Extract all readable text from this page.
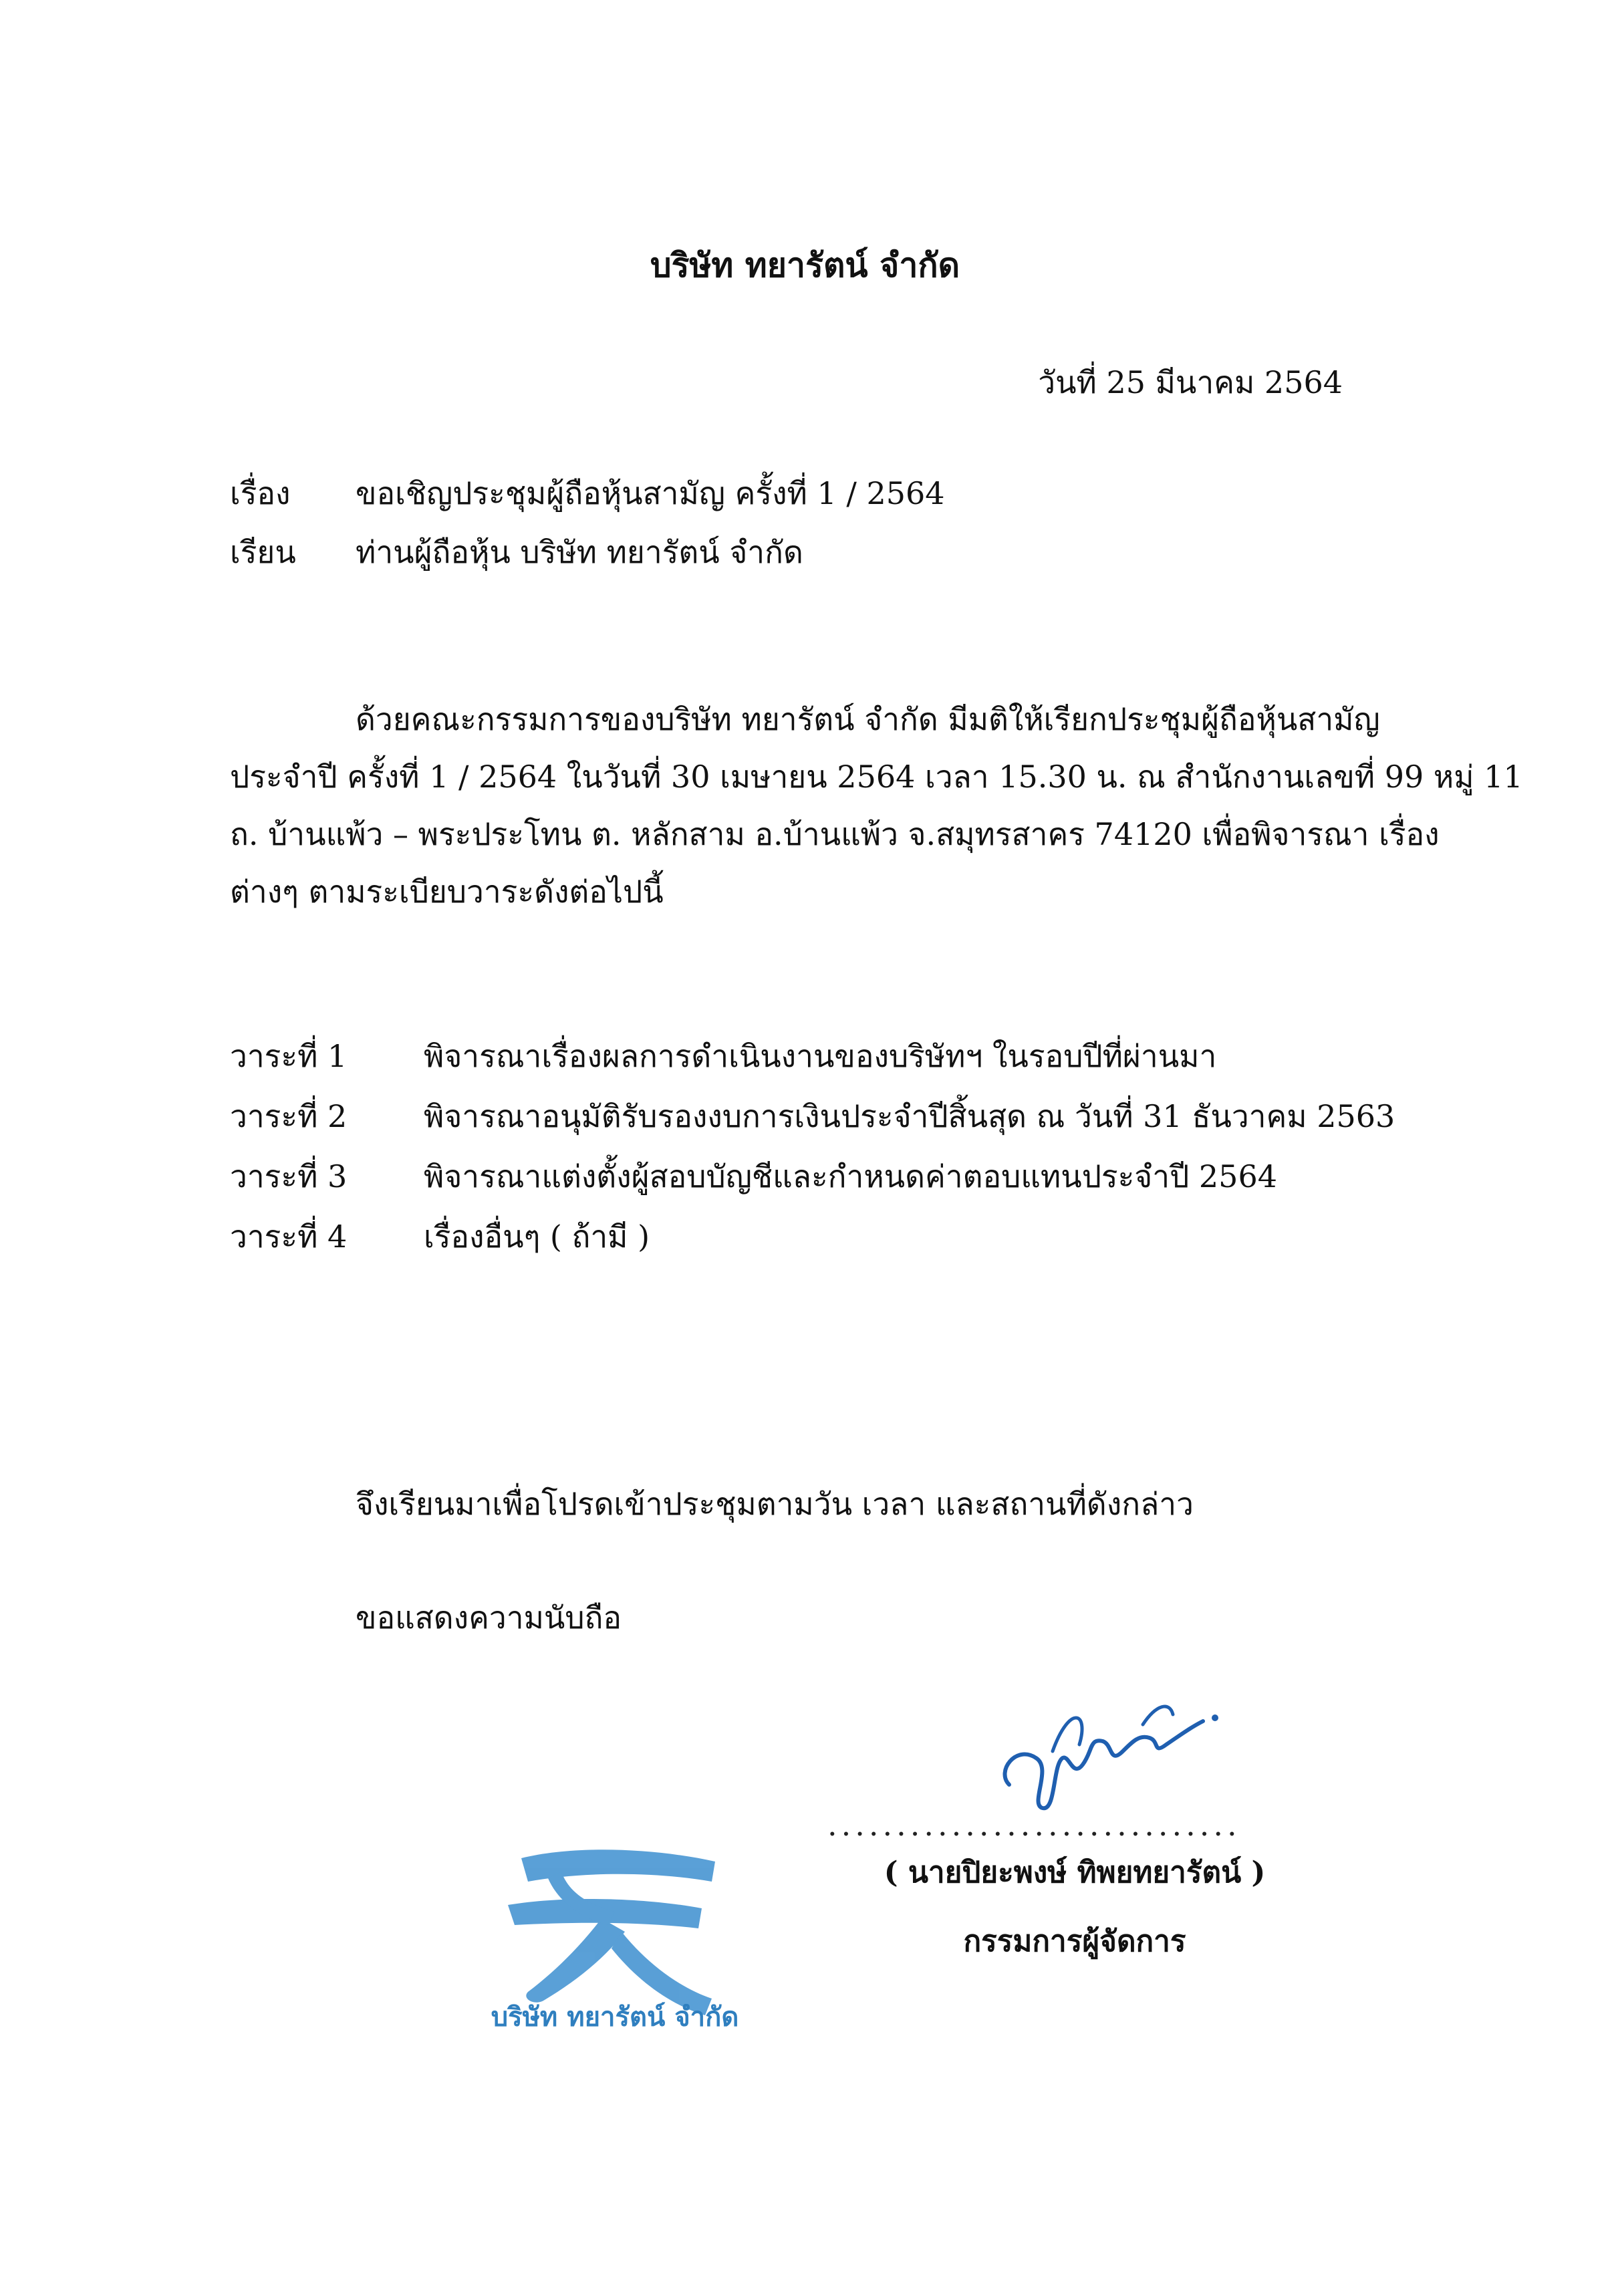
บริษัท ทยารัตน์ จำกัด
วันที่ 25 มีนาคม 2564
เรื่อง ขอเชิญประชุมผู้ถือหุ้นสามัญ ครั้งที่ 1 / 2564
เรียน ท่านผู้ถือหุ้น บริษัท ทยารัตน์ จำกัด
ด้วยคณะกรรมการของบริษัท ทยารัตน์ จำกัด มีมติให้เรียกประชุมผู้ถือหุ้นสามัญ
ประจำปี ครั้งที่ 1 / 2564 ในวันที่ 30 เมษายน 2564 เวลา 15.30 น. ณ สำนักงานเลขที่ 99 หมู่ 11
ถ. บ้านแพ้ว – พระประโทน ต. หลักสาม อ.บ้านแพ้ว จ.สมุทรสาคร 74120 เพื่อพิจารณา เรื่อง
ต่างๆ ตามระเบียบวาระดังต่อไปนี้
วาระที่ 1 พิจารณาเรื่องผลการดำเนินงานของบริษัทฯ ในรอบปีที่ผ่านมา
วาระที่ 2 พิจารณาอนุมัติรับรองงบการเงินประจำปีสิ้นสุด ณ วันที่ 31 ธันวาคม 2563
วาระที่ 3 พิจารณาแต่งตั้งผู้สอบบัญชีและกำหนดค่าตอบแทนประจำปี 2564
วาระที่ 4 เรื่องอื่นๆ ( ถ้ามี )
จึงเรียนมาเพื่อโปรดเข้าประชุมตามวัน เวลา และสถานที่ดังกล่าว
ขอแสดงความนับถือ
..............................
( นายปิยะพงษ์ ทิพยทยารัตน์ )
กรรมการผู้จัดการ
บริษัท ทยารัตน์ จำกัด
